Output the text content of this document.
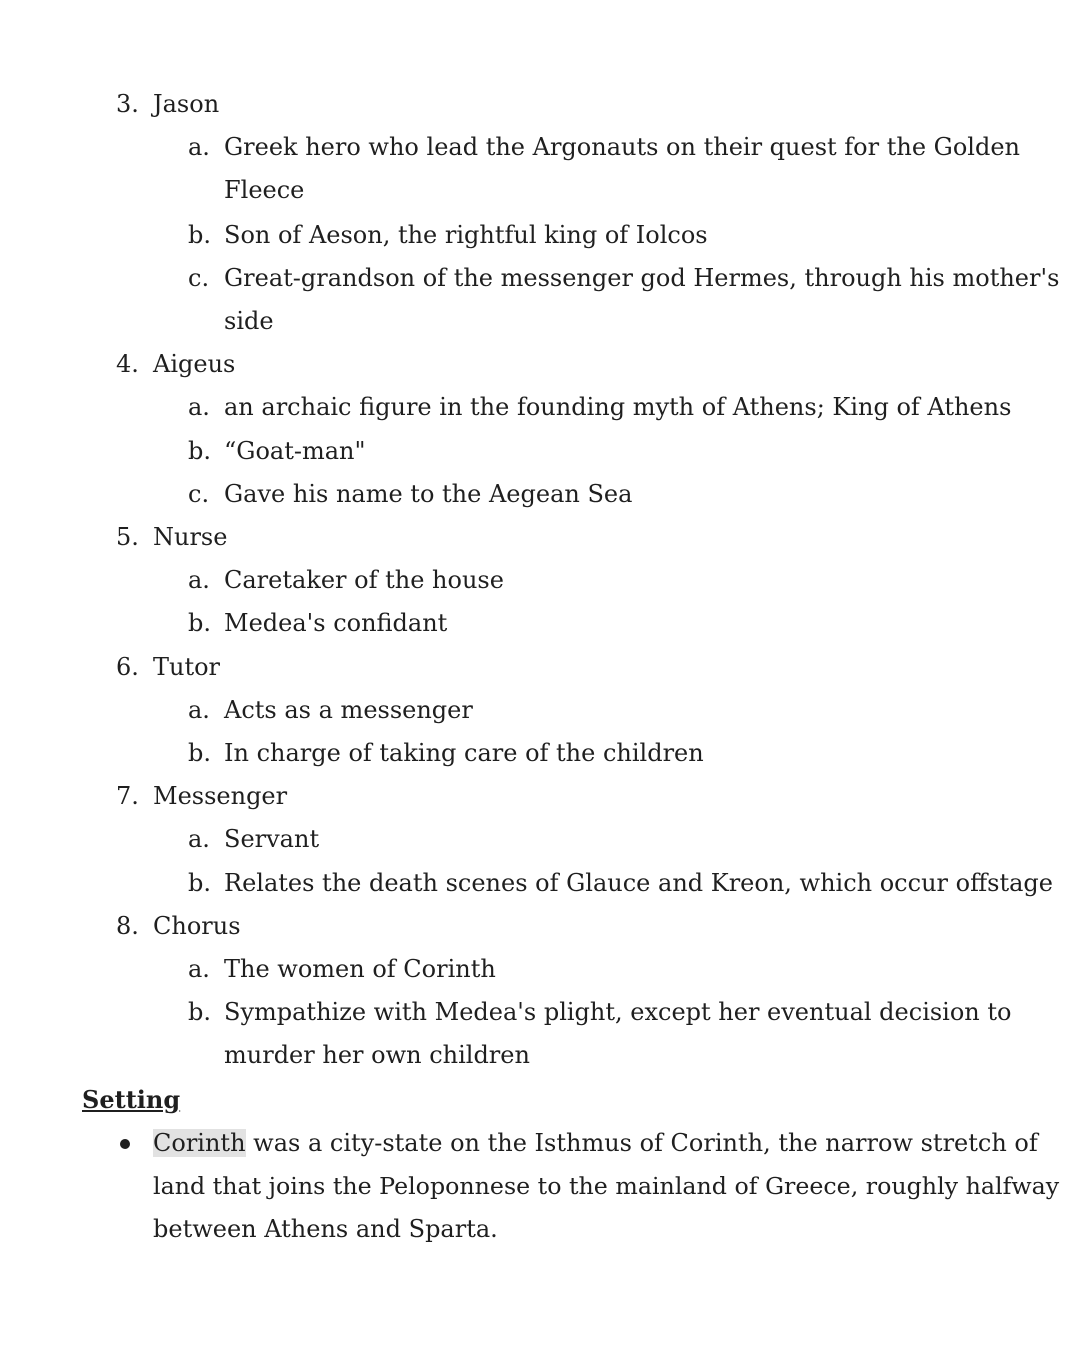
3. Jason
a. Greek hero who lead the Argonauts on their quest for the Golden
Fleece
b. Son of Aeson, the rightful king of Iolcos
c. Great-grandson of the messenger god Hermes, through his mother's
side
4. Aigeus
a. an archaic figure in the founding myth of Athens; King of Athens
b. “Goat-man"
c. Gave his name to the Aegean Sea
5. Nurse
a. Caretaker of the house
b. Medea's confidant
6. Tutor
a. Acts as a messenger
b. In charge of taking care of the children
7. Messenger
a. Servant
b. Relates the death scenes of Glauce and Kreon, which occur offstage
8. Chorus
a. The women of Corinth
b. Sympathize with Medea's plight, except her eventual decision to
murder her own children
Setting
Corinth was a city-state on the Isthmus of Corinth, the narrow stretch of
land that joins the Peloponnese to the mainland of Greece, roughly halfway
between Athens and Sparta.
